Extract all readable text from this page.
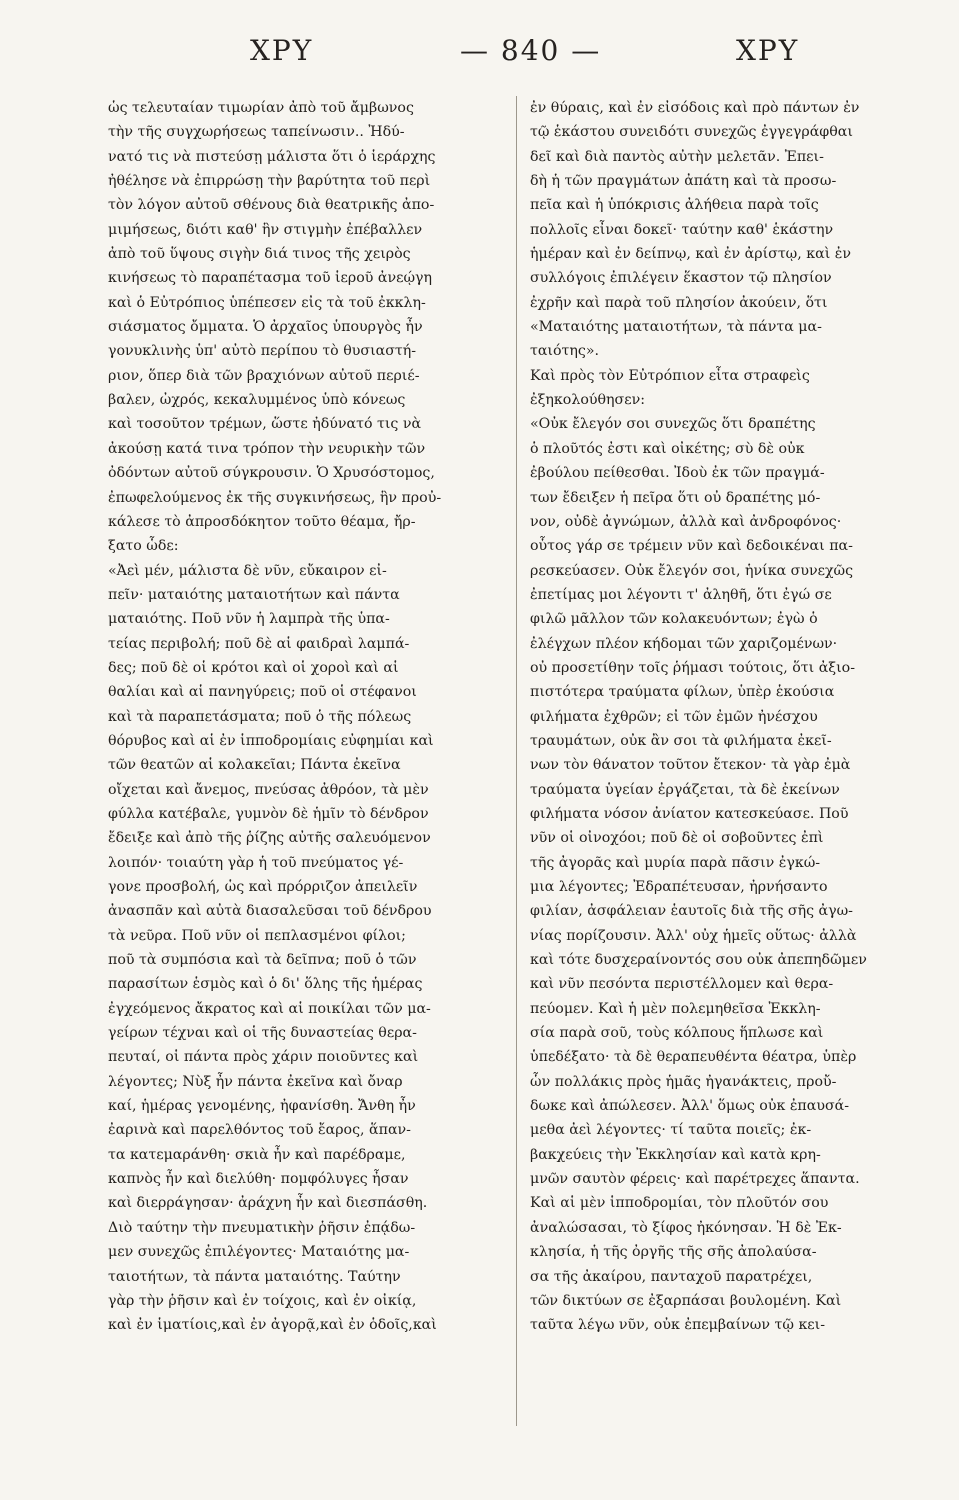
ΧΡΥ	— 840 —	ΧΡΥ
ὡς τελευταίαν τιμωρίαν ἀπὸ τοῦ ἄμβωνος
τὴν τῆς συγχωρήσεως ταπείνωσιν.. Ἠδύ-
νατό τις νὰ πιστεύσῃ μάλιστα ὅτι ὁ ἱεράρχης
ἠθέλησε νὰ ἐπιρρώσῃ τὴν βαρύτητα τοῦ περὶ
τὸν λόγον αὐτοῦ σθένους διὰ θεατρικῆς ἀπο-
μιμήσεως, διότι καθ' ἣν στιγμὴν ἐπέβαλλεν
ἀπὸ τοῦ ὕψους σιγὴν διά τινος τῆς χειρὸς
κινήσεως τὸ παραπέτασμα τοῦ ἱεροῦ ἀνεῴγη
καὶ ὁ Εὐτρόπιος ὑπέπεσεν εἰς τὰ τοῦ ἐκκλη-
σιάσματος ὄμματα. Ὁ ἀρχαῖος ὑπουργὸς ἦν
γονυκλινὴς ὑπ' αὐτὸ περίπου τὸ θυσιαστή-
ριον, ὅπερ διὰ τῶν βραχιόνων αὐτοῦ περιέ-
βαλεν, ὠχρός, κεκαλυμμένος ὑπὸ κόνεως
καὶ τοσοῦτον τρέμων, ὥστε ἠδύνατό τις νὰ
ἀκούσῃ κατά τινα τρόπον τὴν νευρικὴν τῶν
ὀδόντων αὐτοῦ σύγκρουσιν. Ὁ Χρυσόστομος,
ἐπωφελούμενος ἐκ τῆς συγκινήσεως, ἣν προὐ-
κάλεσε τὸ ἀπροσδόκητον τοῦτο θέαμα, ἤρ-
ξατο ὧδε:
«Ἀεὶ μέν, μάλιστα δὲ νῦν, εὔκαιρον εἰ-
πεῖν· ματαιότης ματαιοτήτων καὶ πάντα
ματαιότης. Ποῦ νῦν ἡ λαμπρὰ τῆς ὑπα-
τείας περιβολή; ποῦ δὲ αἱ φαιδραὶ λαμπά-
δες; ποῦ δὲ οἱ κρότοι καὶ οἱ χοροὶ καὶ αἱ
θαλίαι καὶ αἱ πανηγύρεις; ποῦ οἱ στέφανοι
καὶ τὰ παραπετάσματα; ποῦ ὁ τῆς πόλεως
θόρυβος καὶ αἱ ἐν ἱπποδρομίαις εὐφημίαι καὶ
τῶν θεατῶν αἱ κολακεῖαι; Πάντα ἐκεῖνα
οἴχεται καὶ ἄνεμος, πνεύσας ἀθρόον, τὰ μὲν
φύλλα κατέβαλε, γυμνὸν δὲ ἡμῖν τὸ δένδρον
ἔδειξε καὶ ἀπὸ τῆς ῥίζης αὐτῆς σαλευόμενον
λοιπόν· τοιαύτη γὰρ ἡ τοῦ πνεύματος γέ-
γονε προσβολή, ὡς καὶ πρόρριζον ἀπειλεῖν
ἀνασπᾶν καὶ αὐτὰ διασαλεῦσαι τοῦ δένδρου
τὰ νεῦρα. Ποῦ νῦν οἱ πεπλασμένοι φίλοι;
ποῦ τὰ συμπόσια καὶ τὰ δεῖπνα; ποῦ ὁ τῶν
παρασίτων ἑσμὸς καὶ ὁ δι' ὅλης τῆς ἡμέρας
ἐγχεόμενος ἄκρατος καὶ αἱ ποικίλαι τῶν μα-
γείρων τέχναι καὶ οἱ τῆς δυναστείας θερα-
πευταί, οἱ πάντα πρὸς χάριν ποιοῦντες καὶ
λέγοντες; Νὺξ ἦν πάντα ἐκεῖνα καὶ ὄναρ
καί, ἡμέρας γενομένης, ἠφανίσθη. Ἄνθη ἦν
ἐαρινὰ καὶ παρελθόντος τοῦ ἔαρος, ἅπαν-
τα κατεμαράνθη· σκιὰ ἦν καὶ παρέδραμε,
καπνὸς ἦν καὶ διελύθη· πομφόλυγες ἦσαν
καὶ διερράγησαν· ἀράχνη ἦν καὶ διεσπάσθη.
Διὸ ταύτην τὴν πνευματικὴν ῥῆσιν ἐπᾴδω-
μεν συνεχῶς ἐπιλέγοντες· Ματαιότης μα-
ταιοτήτων, τὰ πάντα ματαιότης. Ταύτην
γὰρ τὴν ῥῆσιν καὶ ἐν τοίχοις, καὶ ἐν οἰκίᾳ,
καὶ ἐν ἱματίοις,καὶ ἐν ἀγορᾷ,καὶ ἐν ὁδοῖς,καὶ
ἐν θύραις, καὶ ἐν εἰσόδοις καὶ πρὸ πάντων ἐν
τῷ ἑκάστου συνειδότι συνεχῶς ἐγγεγράφθαι
δεῖ καὶ διὰ παντὸς αὐτὴν μελετᾶν. Ἐπει-
δὴ ἡ τῶν πραγμάτων ἀπάτη καὶ τὰ προσω-
πεῖα καὶ ἡ ὑπόκρισις ἀλήθεια παρὰ τοῖς
πολλοῖς εἶναι δοκεῖ· ταύτην καθ' ἑκάστην
ἡμέραν καὶ ἐν δείπνῳ, καὶ ἐν ἀρίστῳ, καὶ ἐν
συλλόγοις ἐπιλέγειν ἕκαστον τῷ πλησίον
ἐχρῆν καὶ παρὰ τοῦ πλησίον ἀκούειν, ὅτι
«Ματαιότης ματαιοτήτων, τὰ πάντα μα-
ταιότης».
Καὶ πρὸς τὸν Εὐτρόπιον εἶτα στραφεὶς
ἐξηκολούθησεν:
«Οὐκ ἔλεγόν σοι συνεχῶς ὅτι δραπέτης
ὁ πλοῦτός ἐστι καὶ οἰκέτης; σὺ δὲ οὐκ
ἐβούλου πείθεσθαι. Ἰδοὺ ἐκ τῶν πραγμά-
των ἔδειξεν ἡ πεῖρα ὅτι οὐ δραπέτης μό-
νον, οὐδὲ ἀγνώμων, ἀλλὰ καὶ ἀνδροφόνος·
οὗτος γάρ σε τρέμειν νῦν καὶ δεδοικέναι πα-
ρεσκεύασεν. Οὐκ ἔλεγόν σοι, ἡνίκα συνεχῶς
ἐπετίμας μοι λέγοντι τ' ἀληθῆ, ὅτι ἐγώ σε
φιλῶ μᾶλλον τῶν κολακευόντων; ἐγὼ ὁ
ἐλέγχων πλέον κήδομαι τῶν χαριζομένων·
οὐ προσετίθην τοῖς ῥήμασι τούτοις, ὅτι ἀξιο-
πιστότερα τραύματα φίλων, ὑπὲρ ἑκούσια
φιλήματα ἐχθρῶν; εἰ τῶν ἐμῶν ἠνέσχου
τραυμάτων, οὐκ ἂν σοι τὰ φιλήματα ἐκεῖ-
νων τὸν θάνατον τοῦτον ἔτεκον· τὰ γὰρ ἐμὰ
τραύματα ὑγείαν ἐργάζεται, τὰ δὲ ἐκείνων
φιλήματα νόσον ἀνίατον κατεσκεύασε. Ποῦ
νῦν οἱ οἰνοχόοι; ποῦ δὲ οἱ σοβοῦντες ἐπὶ
τῆς ἀγορᾶς καὶ μυρία παρὰ πᾶσιν ἐγκώ-
μια λέγοντες; Ἐδραπέτευσαν, ἠρνήσαντο
φιλίαν, ἀσφάλειαν ἑαυτοῖς διὰ τῆς σῆς ἀγω-
νίας πορίζουσιν. Ἀλλ' οὐχ ἡμεῖς οὕτως· ἀλλὰ
καὶ τότε δυσχεραίνοντός σου οὐκ ἀπεπηδῶμεν
καὶ νῦν πεσόντα περιστέλλομεν καὶ θερα-
πεύομεν. Καὶ ἡ μὲν πολεμηθεῖσα Ἐκκλη-
σία παρὰ σοῦ, τοὺς κόλπους ἥπλωσε καὶ
ὑπεδέξατο· τὰ δὲ θεραπευθέντα θέατρα, ὑπὲρ
ὧν πολλάκις πρὸς ἡμᾶς ἠγανάκτεις, προὔ-
δωκε καὶ ἀπώλεσεν. Ἀλλ' ὅμως οὐκ ἐπαυσά-
μεθα ἀεὶ λέγοντες· τί ταῦτα ποιεῖς; ἐκ-
βακχεύεις τὴν Ἐκκλησίαν καὶ κατὰ κρη-
μνῶν σαυτὸν φέρεις· καὶ παρέτρεχες ἅπαντα.
Καὶ αἱ μὲν ἱπποδρομίαι, τὸν πλοῦτόν σου
ἀναλώσασαι, τὸ ξίφος ἠκόνησαν. Ἡ δὲ Ἐκ-
κλησία, ἡ τῆς ὀργῆς τῆς σῆς ἀπολαύσα-
σα τῆς ἀκαίρου, πανταχοῦ παρατρέχει,
τῶν δικτύων σε ἐξαρπάσαι βουλομένη. Καὶ
ταῦτα λέγω νῦν, οὐκ ἐπεμβαίνων τῷ κει-
